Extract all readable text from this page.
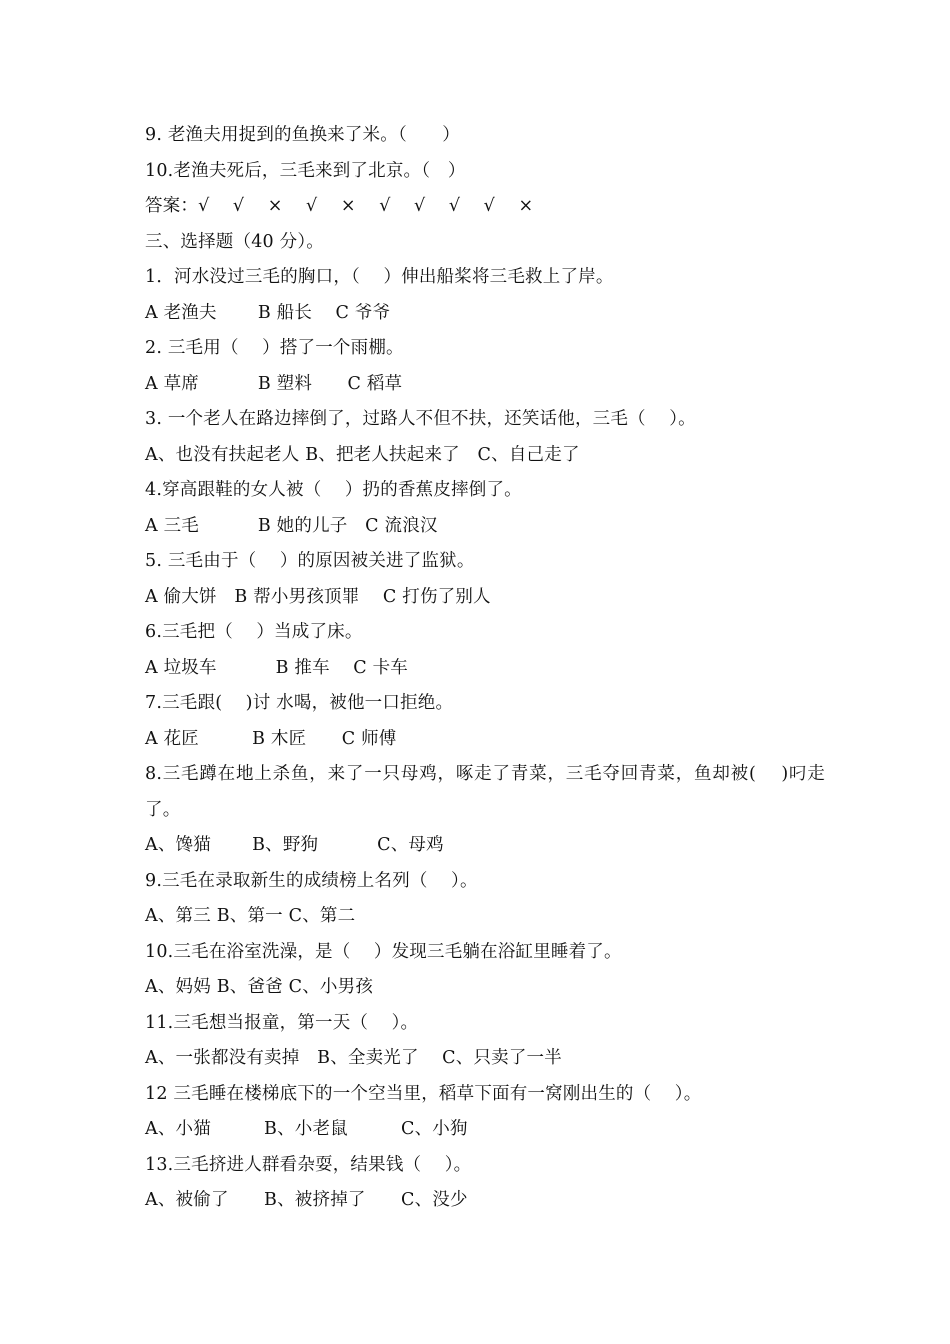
9. 老渔夫用捉到的鱼换来了米。（　　）
10.老渔夫死后，三毛来到了北京。（　）
答案：√　 √　 ×　 √　 ×　 √　 √　 √　 √　 ×
三、选择题（40 分）。
1．河水没过三毛的胸口，（　 ）伸出船桨将三毛救上了岸。
A 老渔夫　　 B 船长　 C 爷爷
2. 三毛用（　 ）搭了一个雨棚。
A 草席　　　 B 塑料　　C 稻草
3. 一个老人在路边摔倒了，过路人不但不扶，还笑话他，三毛（　 ）。
A、也没有扶起老人 B、把老人扶起来了　C、自己走了
4.穿高跟鞋的女人被（　 ）扔的香蕉皮摔倒了。
A 三毛　　　 B 她的儿子　C 流浪汉
5. 三毛由于（　 ）的原因被关进了监狱。
A 偷大饼　B 帮小男孩顶罪　 C 打伤了别人
6.三毛把（　 ）当成了床。
A 垃圾车　　　 B 推车　 C 卡车
7.三毛跟(　 )讨 水喝，被他一口拒绝。
A 花匠　　　B 木匠　　C 师傅
8.三毛蹲在地上杀鱼，来了一只母鸡，啄走了青菜，三毛夺回青菜，鱼却被(　 )叼走了。
A、馋猫　　 B、野狗　　　 C、母鸡
9.三毛在录取新生的成绩榜上名列（　 ）。
A、第三 B、第一 C、第二
10.三毛在浴室洗澡，是（　 ）发现三毛躺在浴缸里睡着了。
A、妈妈 B、爸爸 C、小男孩
11.三毛想当报童，第一天（　 ）。
A、一张都没有卖掉　B、全卖光了　 C、只卖了一半
12 三毛睡在楼梯底下的一个空当里，稻草下面有一窝刚出生的（　 ）。
A、小猫　　　B、小老鼠　　　C、小狗
13.三毛挤进人群看杂耍，结果钱（　 ）。
A、被偷了　　B、被挤掉了　　C、没少
